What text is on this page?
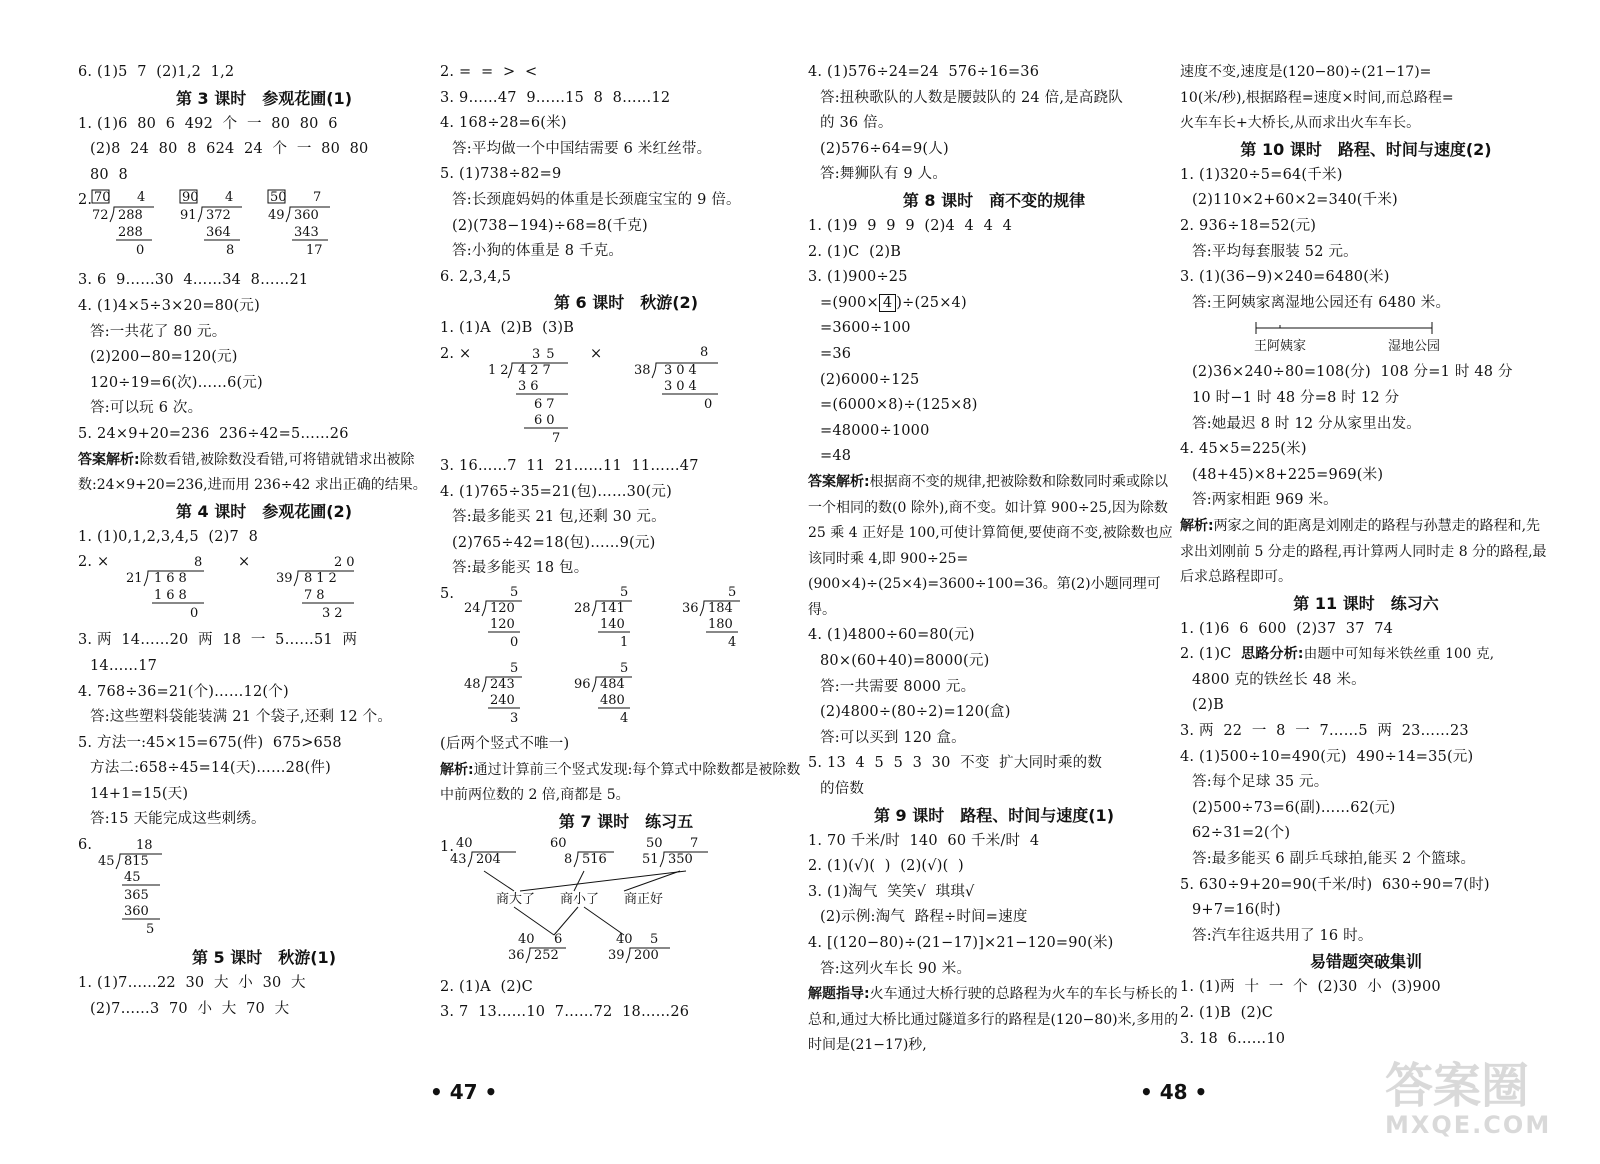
6. (1)5  7  (2)1,2  1,2
第 3 课时　参观花圃(1)
1. (1)6  80  6  492  个  一  80  80  6
(2)8  24  80  8  624  24  个  一  80  80
80  8
2. 70 4
72 288
288
0
90 4
91 372
364
8
50 7
49 360
343
17
3. 6  9……30  4……34  8……21
4. (1)4×5÷3×20=80(元)
答:一共花了 80 元。
(2)200−80=120(元)
120÷19=6(次)……6(元)
答:可以玩 6 次。
5. 24×9+20=236  236÷42=5……26
答案解析:除数看错,被除数没看错,可将错就错求出被除数:24×9+20=236,进而用 236÷42 求出正确的结果。
第 4 课时　参观花圃(2)
1. (1)0,1,2,3,4,5  (2)7  8
2. ×	×
8
21 168
168
0
20
39 812
78
32
3. 两  14……20  两  18  一  5……51  两
14……17
4. 768÷36=21(个)……12(个)
答:这些塑料袋能装满 21 个袋子,还剩 12 个。
5. 方法一:45×15=675(件)  675>658
方法二:658÷45=14(天)……28(件)
14+1=15(天)
答:15 天能完成这些刺绣。
6.	18
45 815
45
365
360
5
第 5 课时　秋游(1)
1. (1)7……22  30  大  小  30  大
(2)7……3  70  小  大  70  大
2. =  =  >  <
3. 9……47  9……15  8  8……12
4. 168÷28=6(米)
答:平均做一个中国结需要 6 米红丝带。
5. (1)738÷82=9
答:长颈鹿妈妈的体重是长颈鹿宝宝的 9 倍。
(2)(738−194)÷68=8(千克)
答:小狗的体重是 8 千克。
6. 2,3,4,5
第 6 课时　秋游(2)
1. (1)A  (2)B  (3)B
2. ×	×
35
12 427
36
67
60
7
8
38 304
304
0
3. 16……7  11  21……11  11……47
4. (1)765÷35=21(包)……30(元)
答:最多能买 21 包,还剩 30 元。
(2)765÷42=18(包)……9(元)
答:最多能买 18 包。
5.	5
24 120
120
0
5
28 141
140
1
5
36 184
180
4
5
48 243
240
3
5
96 484
480
4
(后两个竖式不唯一)
解析:通过计算前三个竖式发现:每个算式中除数都是被除数中前两位数的 2 倍,商都是 5。
第 7 课时　练习五
1. 40
43 204
60
8 516
50 7
51 350
商大了 商小了 商正好
40 6
36 252
40 5
39 200
2. (1)A  (2)C
3. 7  13……10  7……72  18……26
4. (1)576÷24=24  576÷16=36
答:扭秧歌队的人数是腰鼓队的 24 倍,是高跷队
的 36 倍。
(2)576÷64=9(人)
答:舞狮队有 9 人。
第 8 课时　商不变的规律
1. (1)9  9  9  9  (2)4  4  4  4
2. (1)C  (2)B
3. (1)900÷25
=(900× 4 )÷(25×4)
=3600÷100
=36
(2)6000÷125
=(6000×8)÷(125×8)
=48000÷1000
=48
答案解析:根据商不变的规律,把被除数和除数同时乘或除以一个相同的数(0 除外),商不变。如计算 900÷25,因为除数 25 乘 4 正好是 100,可使计算简便,要使商不变,被除数也应该同时乘 4,即 900÷25=(900×4)÷(25×4)=3600÷100=36。第(2)小题同理可得。
4. (1)4800÷60=80(元)
80×(60+40)=8000(元)
答:一共需要 8000 元。
(2)4800÷(80÷2)=120(盒)
答:可以买到 120 盒。
5. 13  4  5  5  3  30  不变  扩大同时乘的数
的倍数
第 9 课时　路程、时间与速度(1)
1. 70 千米/时  140  60 千米/时  4
2. (1)(√)(  )  (2)(√)(  )
3. (1)淘气  笑笑√  琪琪√
(2)示例:淘气  路程÷时间=速度
4. [(120−80)÷(21−17)]×21−120=90(米)
答:这列火车长 90 米。
解题指导:火车通过大桥行驶的总路程为火车的车长与桥长的总和,通过大桥比通过隧道多行的路程是(120−80)米,多用的时间是(21−17)秒,
速度不变,速度是(120−80)÷(21−17)=
10(米/秒),根据路程=速度×时间,而总路程=
火车车长+大桥长,从而求出火车车长。
第 10 课时　路程、时间与速度(2)
1. (1)320÷5=64(千米)
(2)110×2+60×2=340(千米)
2. 936÷18=52(元)
答:平均每套服装 52 元。
3. (1)(36−9)×240=6480(米)
答:王阿姨家离湿地公园还有 6480 米。
王阿姨家	湿地公园
(2)36×240÷80=108(分)  108 分=1 时 48 分
10 时−1 时 48 分=8 时 12 分
答:她最迟 8 时 12 分从家里出发。
4. 45×5=225(米)
(48+45)×8+225=969(米)
答:两家相距 969 米。
解析:两家之间的距离是刘刚走的路程与孙慧走的路程和,先求出刘刚前 5 分走的路程,再计算两人同时走 8 分的路程,最后求总路程即可。
第 11 课时　练习六
1. (1)6  6  600  (2)37  37  74
2. (1)C  思路分析:由题中可知每米铁丝重 100 克,
4800 克的铁丝长 48 米。
(2)B
3. 两  22  一  8  一  7……5  两  23……23
4. (1)500÷10=490(元)  490÷14=35(元)
答:每个足球 35 元。
(2)500÷73=6(副)……62(元)
62÷31=2(个)
答:最多能买 6 副乒乓球拍,能买 2 个篮球。
5. 630÷9+20=90(千米/时)  630÷90=7(时)
9+7=16(时)
答:汽车往返共用了 16 时。
易错题突破集训
1. (1)两  十  一  个  (2)30  小  (3)900
2. (1)B  (2)C
3. 18  6……10
• 47 •	• 48 •	答案圈
MXQE.COM
